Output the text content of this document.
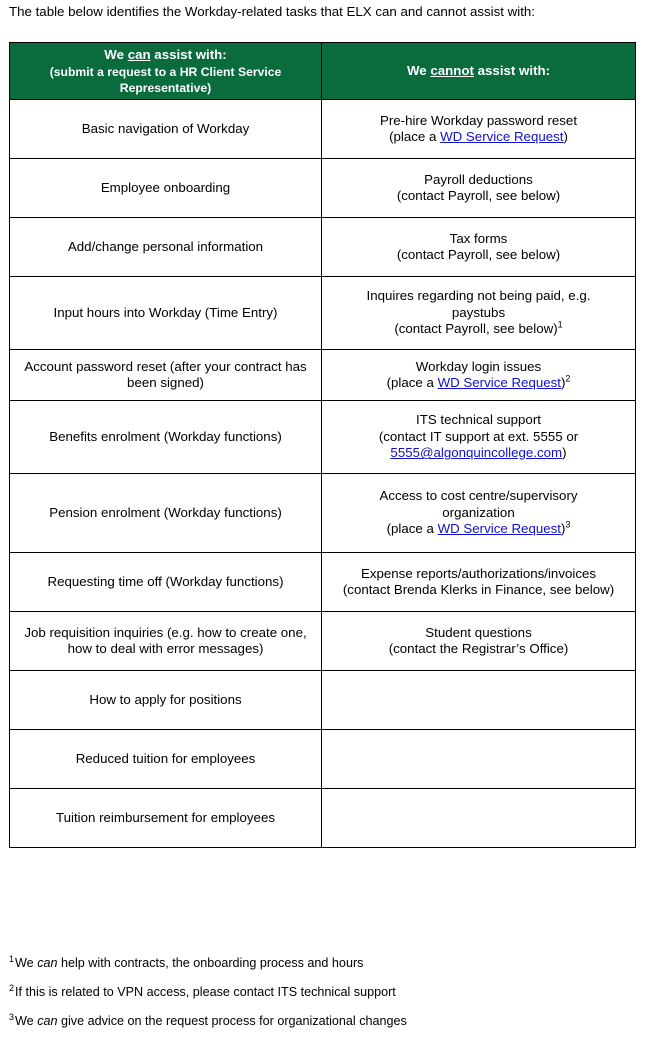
The table below identifies the Workday-related tasks that ELX can and cannot assist with:
We can assist with:
(submit a request to a HR Client Service Representative)	We cannot assist with:

Basic navigation of Workday	Pre-hire Workday password reset
(place a WD Service Request)

Employee onboarding	Payroll deductions
(contact Payroll, see below)

Add/change personal information	Tax forms
(contact Payroll, see below)

Input hours into Workday (Time Entry)	Inquires regarding not being paid, e.g.
paystubs
(contact Payroll, see below)$^1$

Account password reset (after your contract has been signed)	Workday login issues
(place a WD Service Request)$^2$

Benefits enrolment (Workday functions)	ITS technical support
(contact IT support at ext. 5555 or
5555@algonquincollege.com)

Pension enrolment (Workday functions)	Access to cost centre/supervisory
organization
(place a WD Service Request)$^3$

Requesting time off (Workday functions)	Expense reports/authorizations/invoices
(contact Brenda Klerks in Finance, see below)

Job requisition inquiries (e.g. how to create one, how to deal with error messages)	Student questions
(contact the Registrar’s Office)

How to apply for positions	
Reduced tuition for employees	
Tuition reimbursement for employees	
$^1$We can help with contracts, the onboarding process and hours
$^2$If this is related to VPN access, please contact ITS technical support
$^3$We can give advice on the request process for organizational changes
